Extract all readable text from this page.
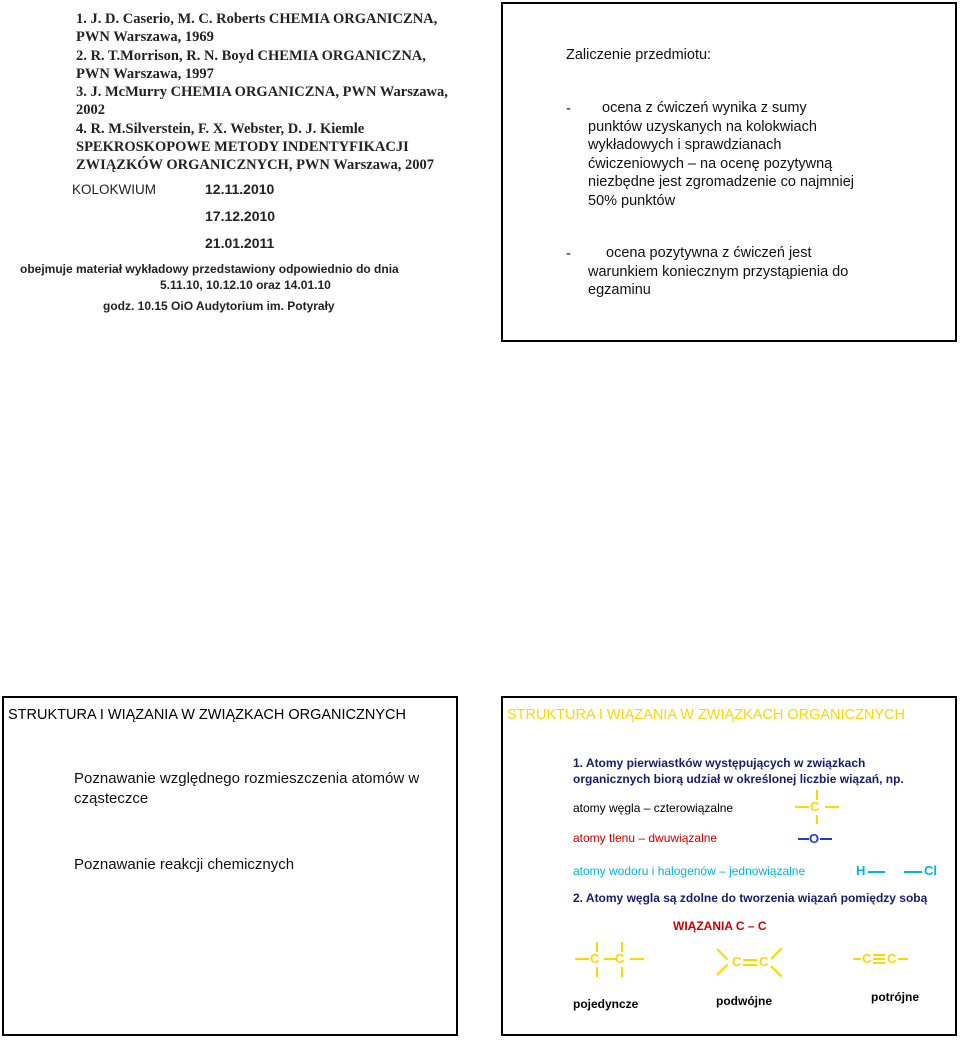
1. J. D. Caserio, M. C. Roberts CHEMIA ORGANICZNA,
PWN Warszawa, 1969
2. R. T.Morrison, R. N. Boyd CHEMIA ORGANICZNA,
PWN Warszawa, 1997
3. J. McMurry CHEMIA ORGANICZNA, PWN Warszawa,
2002
4. R. M.Silverstein, F. X. Webster, D. J. Kiemle
SPEKROSKOPOWE METODY INDENTYFIKACJI
ZWIĄZKÓW ORGANICZNYCH, PWN Warszawa, 2007
KOLOKWIUM	12.11.2010
17.12.2010
21.01.2011
obejmuje materiał wykładowy przedstawiony odpowiednio do dnia
5.11.10, 10.12.10 oraz 14.01.10
godz. 10.15 OiO Audytorium im. Potyrały
Zaliczenie przedmiotu:
-	ocena z ćwiczeń wynika z sumy
punktów uzyskanych na kolokwiach
wykładowych i sprawdzianach
ćwiczeniowych – na ocenę pozytywną
niezbędne jest zgromadzenie co najmniej
50% punktów
-	ocena pozytywna z ćwiczeń jest
warunkiem koniecznym przystąpienia do
egzaminu
STRUKTURA I WIĄZANIA W ZWIĄZKACH ORGANICZNYCH
Poznawanie względnego rozmieszczenia atomów w
cząsteczce
Poznawanie reakcji chemicznych
STRUKTURA I WIĄZANIA W ZWIĄZKACH ORGANICZNYCH
1. Atomy pierwiastków występujących w związkach
organicznych biorą udział w określonej liczbie wiązań, np.
atomy węgla – czterowiązalne	C
atomy tlenu – dwuwiązalne	O
atomy wodoru i halogenów – jednowiązalne	H	Cl
2. Atomy węgla są zdolne do tworzenia wiązań pomiędzy sobą
WIĄZANIA C – C
C C
pojedyncze
C C
podwójne
C C
potrójne
